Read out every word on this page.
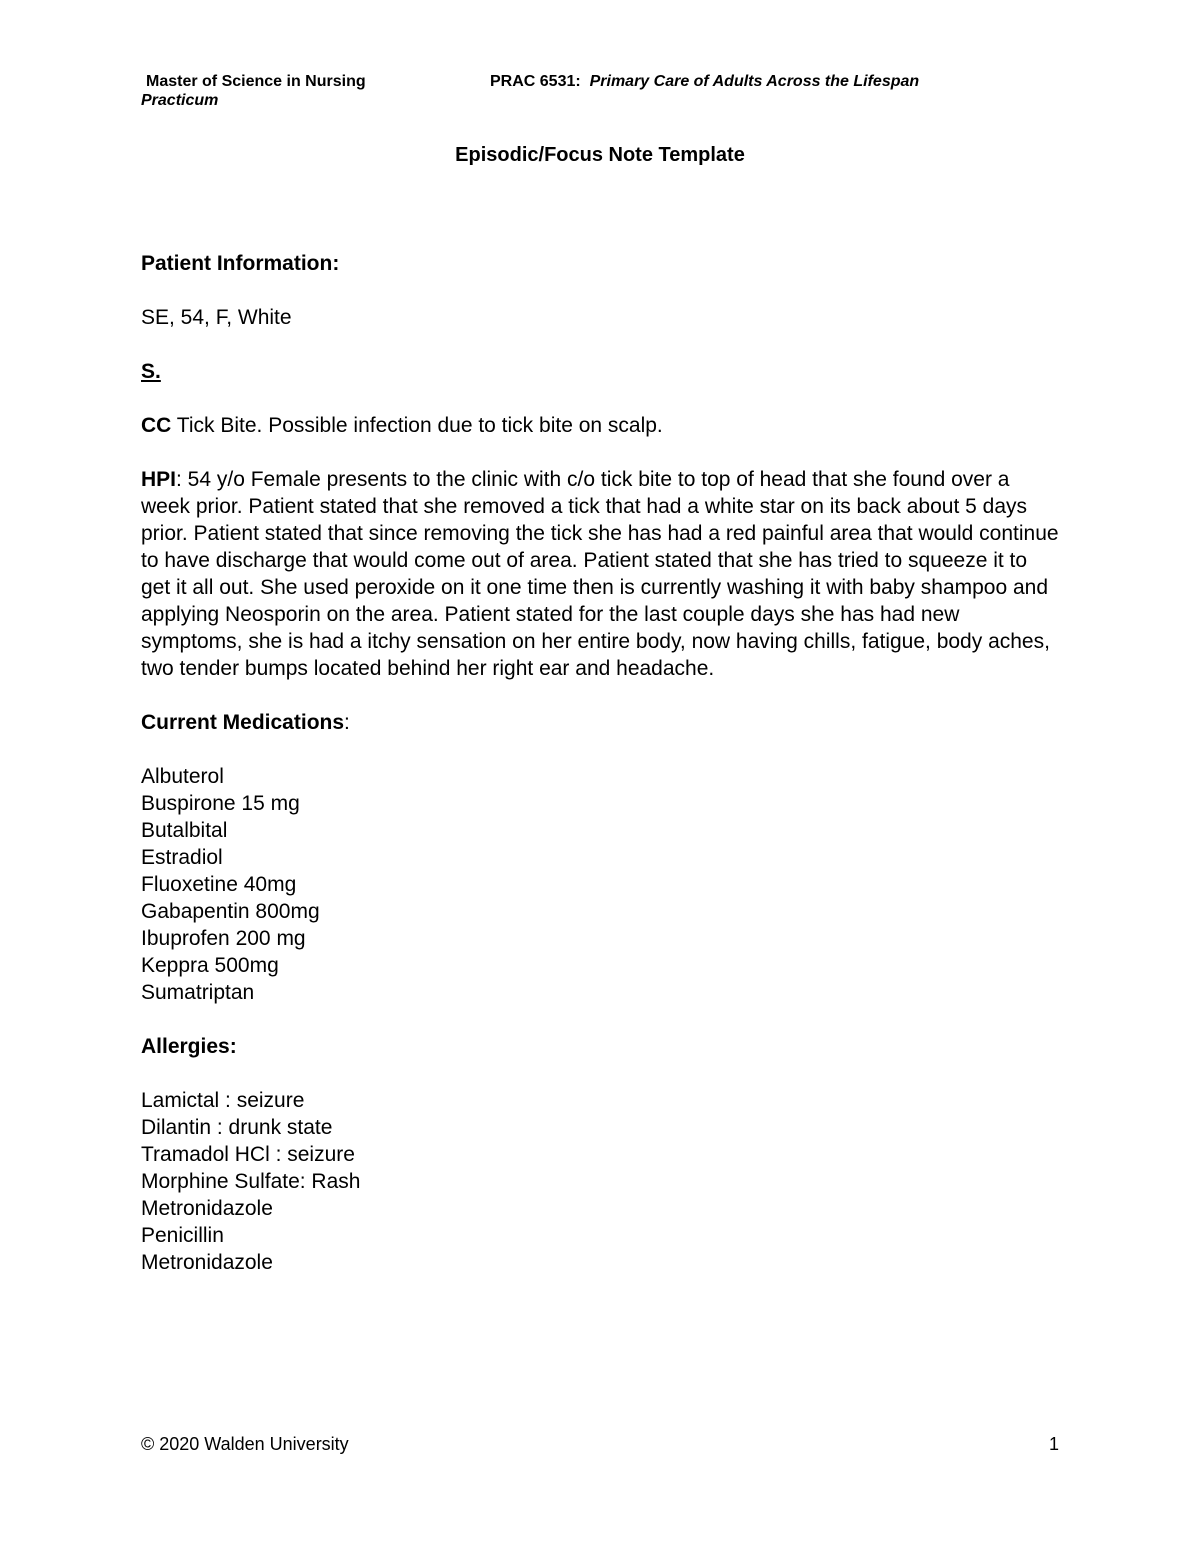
Master of Science in Nursing
Practicum
PRAC 6531: Primary Care of Adults Across the Lifespan
Episodic/Focus Note Template

Patient Information:

SE, 54, F, White

S.

CC Tick Bite. Possible infection due to tick bite on scalp.

HPI: 54 y/o Female presents to the clinic with c/o tick bite to top of head that she found over a week prior. Patient stated that she removed a tick that had a white star on its back about 5 days prior. Patient stated that since removing the tick she has had a red painful area that would continue to have discharge that would come out of area. Patient stated that she has tried to squeeze it to get it all out. She used peroxide on it one time then is currently washing it with baby shampoo and applying Neosporin on the area. Patient stated for the last couple days she has had new symptoms, she is had a itchy sensation on her entire body, now having chills, fatigue, body aches, two tender bumps located behind her right ear and headache.

Current Medications:

Albuterol
Buspirone 15 mg
Butalbital
Estradiol
Fluoxetine 40mg
Gabapentin 800mg
Ibuprofen 200 mg
Keppra 500mg
Sumatriptan

Allergies:

Lamictal : seizure
Dilantin : drunk state
Tramadol HCl : seizure
Morphine Sulfate: Rash
Metronidazole
Penicillin
Metronidazole
© 2020 Walden University	1
